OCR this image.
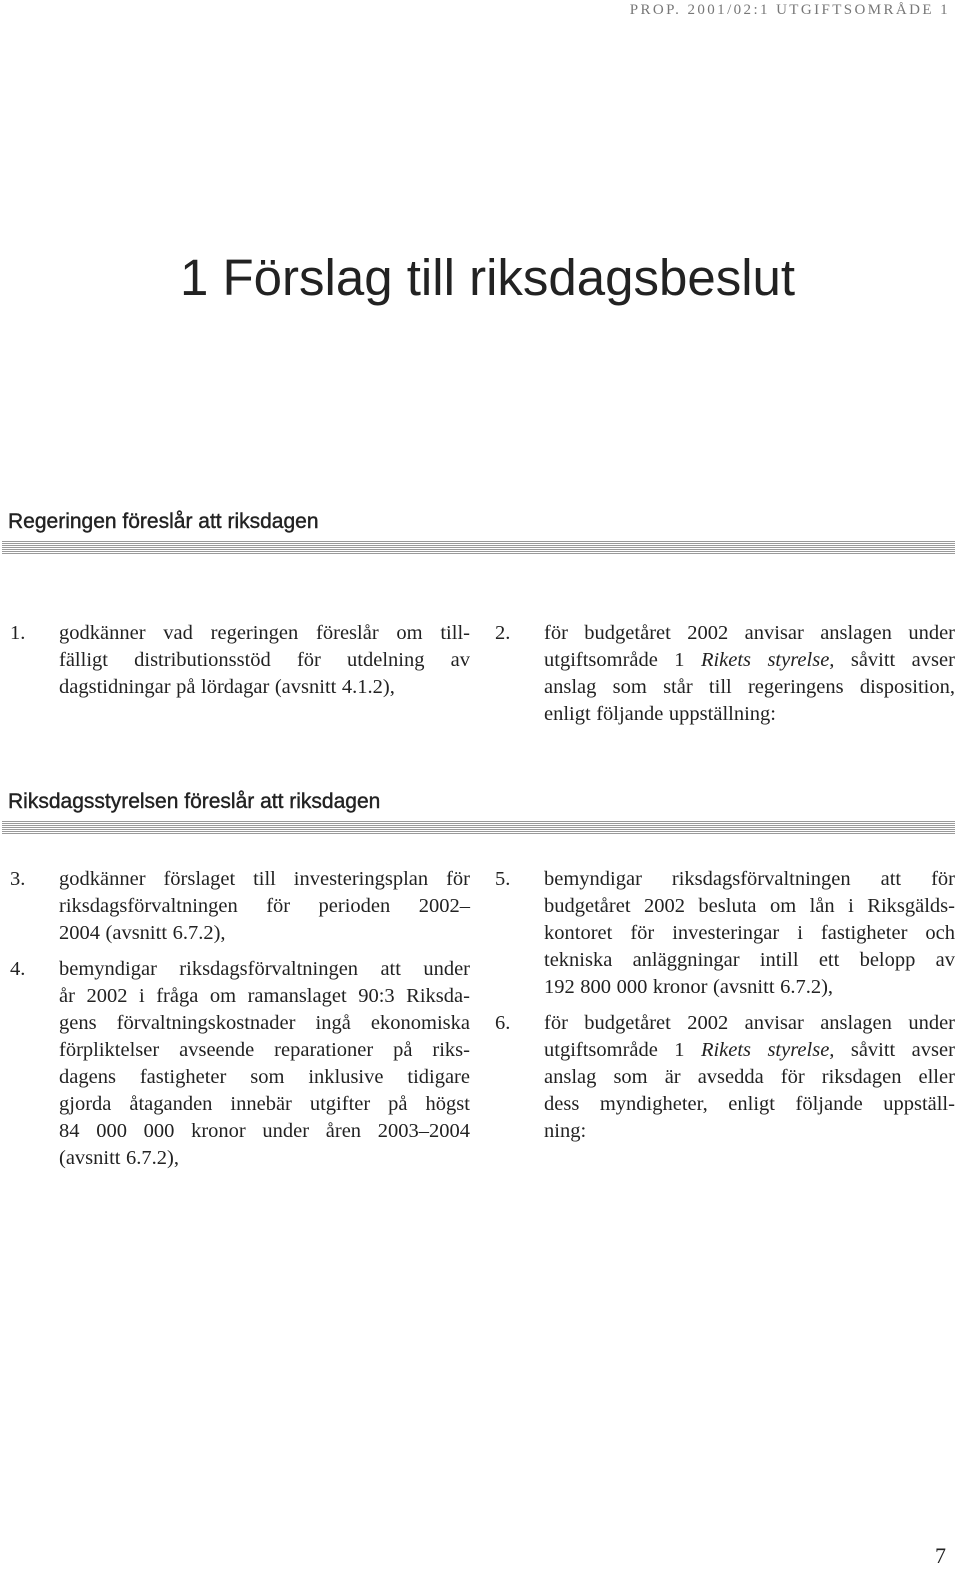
PROP. 2001/02:1 UTGIFTSOMRÅDE 1
1 Förslag till riksdagsbeslut
Regeringen föreslår att riksdagen
1. godkänner vad regeringen föreslår om till-
fälligt distributionsstöd för utdelning av
dagstidningar på lördagar (avsnitt 4.1.2),
2. för budgetåret 2002 anvisar anslagen under
utgiftsområde 1 Rikets styrelse, såvitt avser
anslag som står till regeringens disposition,
enligt följande uppställning:
Riksdagsstyrelsen föreslår att riksdagen
3. godkänner förslaget till investeringsplan för
riksdagsförvaltningen för perioden 2002–
2004 (avsnitt 6.7.2),
4. bemyndigar riksdagsförvaltningen att under
år 2002 i fråga om ramanslaget 90:3 Riksda-
gens förvaltningskostnader ingå ekonomiska
förpliktelser avseende reparationer på riks-
dagens fastigheter som inklusive tidigare
gjorda åtaganden innebär utgifter på högst
84 000 000 kronor under åren 2003–2004
(avsnitt 6.7.2),
5. bemyndigar riksdagsförvaltningen att för
budgetåret 2002 besluta om lån i Riksgälds-
kontoret för investeringar i fastigheter och
tekniska anläggningar intill ett belopp av
192 800 000 kronor (avsnitt 6.7.2),
6. för budgetåret 2002 anvisar anslagen under
utgiftsområde 1 Rikets styrelse, såvitt avser
anslag som är avsedda för riksdagen eller
dess myndigheter, enligt följande uppställ-
ning:
7
